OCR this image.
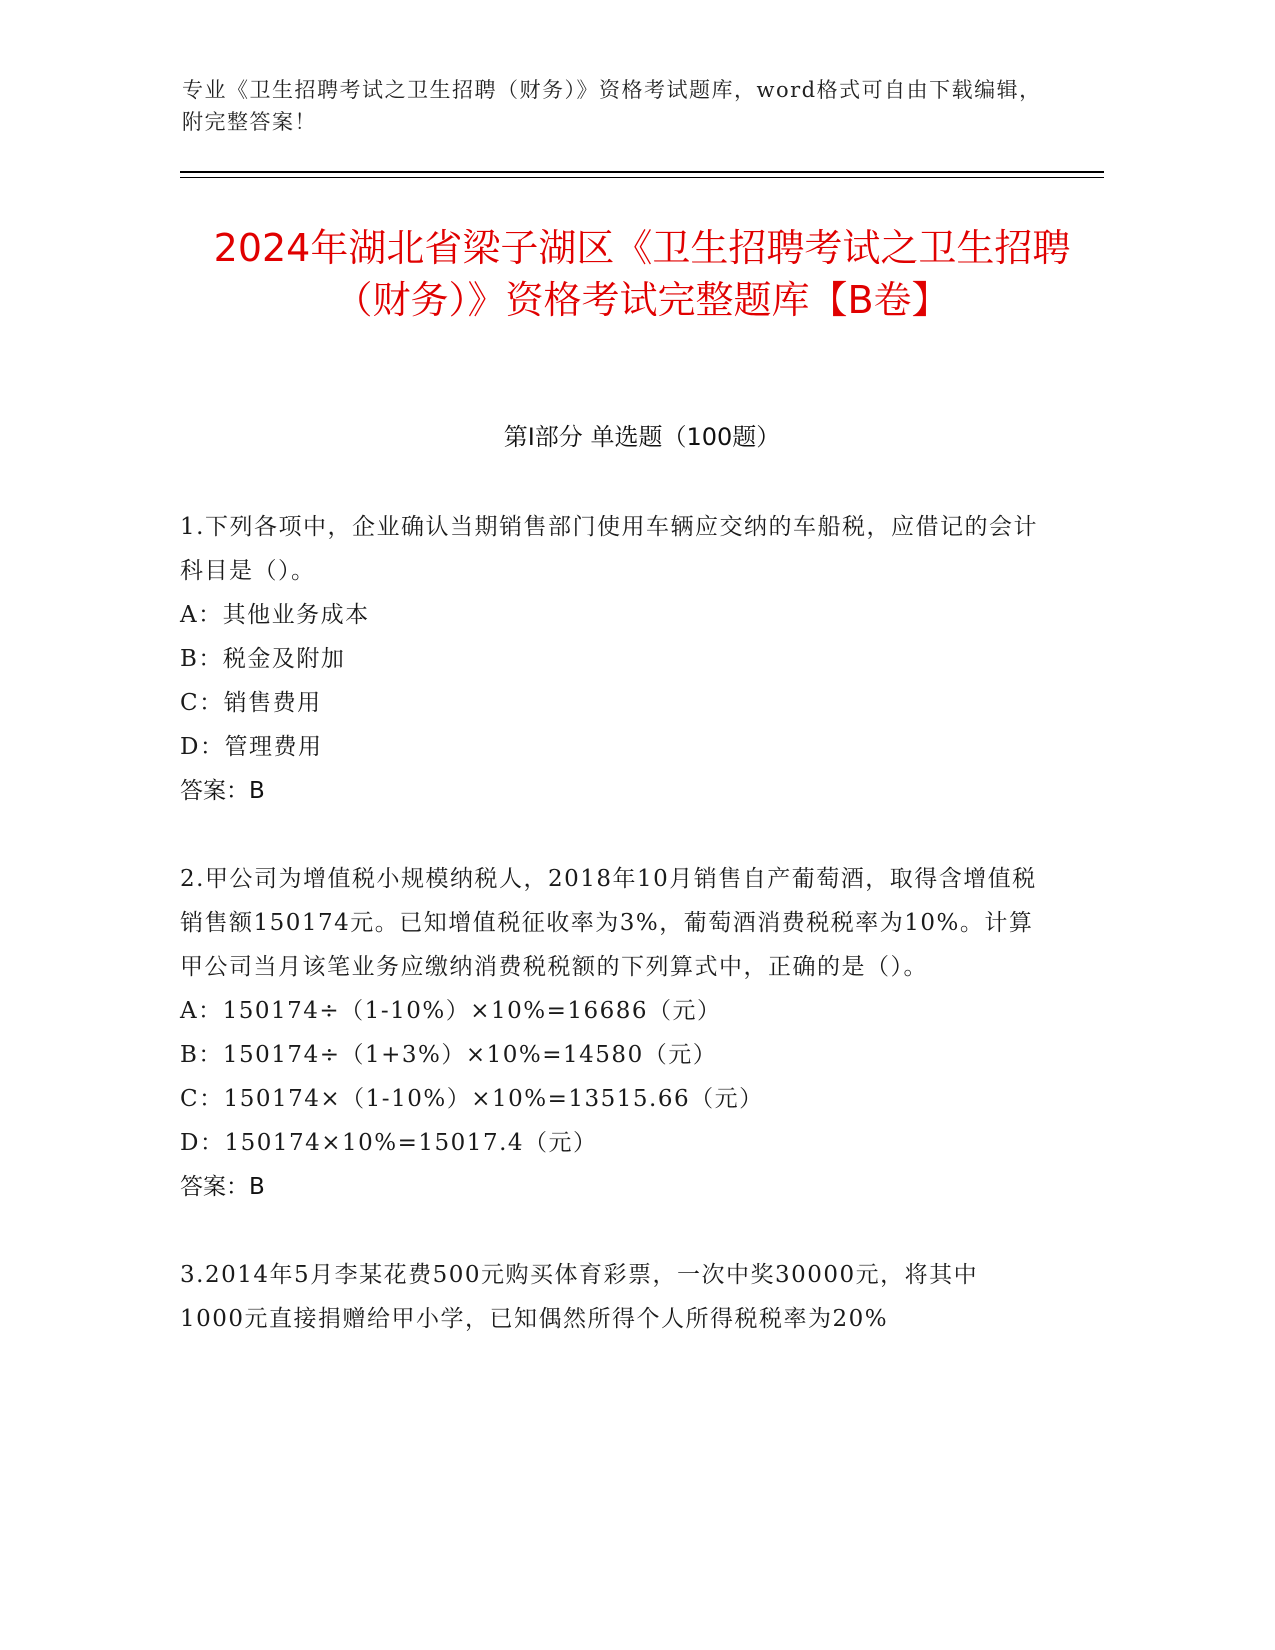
专业《卫生招聘考试之卫生招聘（财务）》资格考试题库，word格式可自由下载编辑，附完整答案！
2024年湖北省梁子湖区《卫生招聘考试之卫生招聘（财务）》资格考试完整题库【B卷】
第I部分 单选题（100题）

1.下列各项中，企业确认当期销售部门使用车辆应交纳的车船税，应借记的会计科目是（）。

A：其他业务成本

B：税金及附加

C：销售费用

D：管理费用

答案：B

2.甲公司为增值税小规模纳税人，2018年10月销售自产葡萄酒，取得含增值税销售额150174元。已知增值税征收率为3%，葡萄酒消费税税率为10%。计算甲公司当月该笔业务应缴纳消费税税额的下列算式中，正确的是（）。

A：150174÷（1-10%）×10%=16686（元）

B：150174÷（1+3%）×10%=14580（元）

C：150174×（1-10%）×10%=13515.66（元）

D：150174×10%=15017.4（元）

答案：B

3.2014年5月李某花费500元购买体育彩票，一次中奖30000元，将其中1000元直接捐赠给甲小学，已知偶然所得个人所得税税率为20%
